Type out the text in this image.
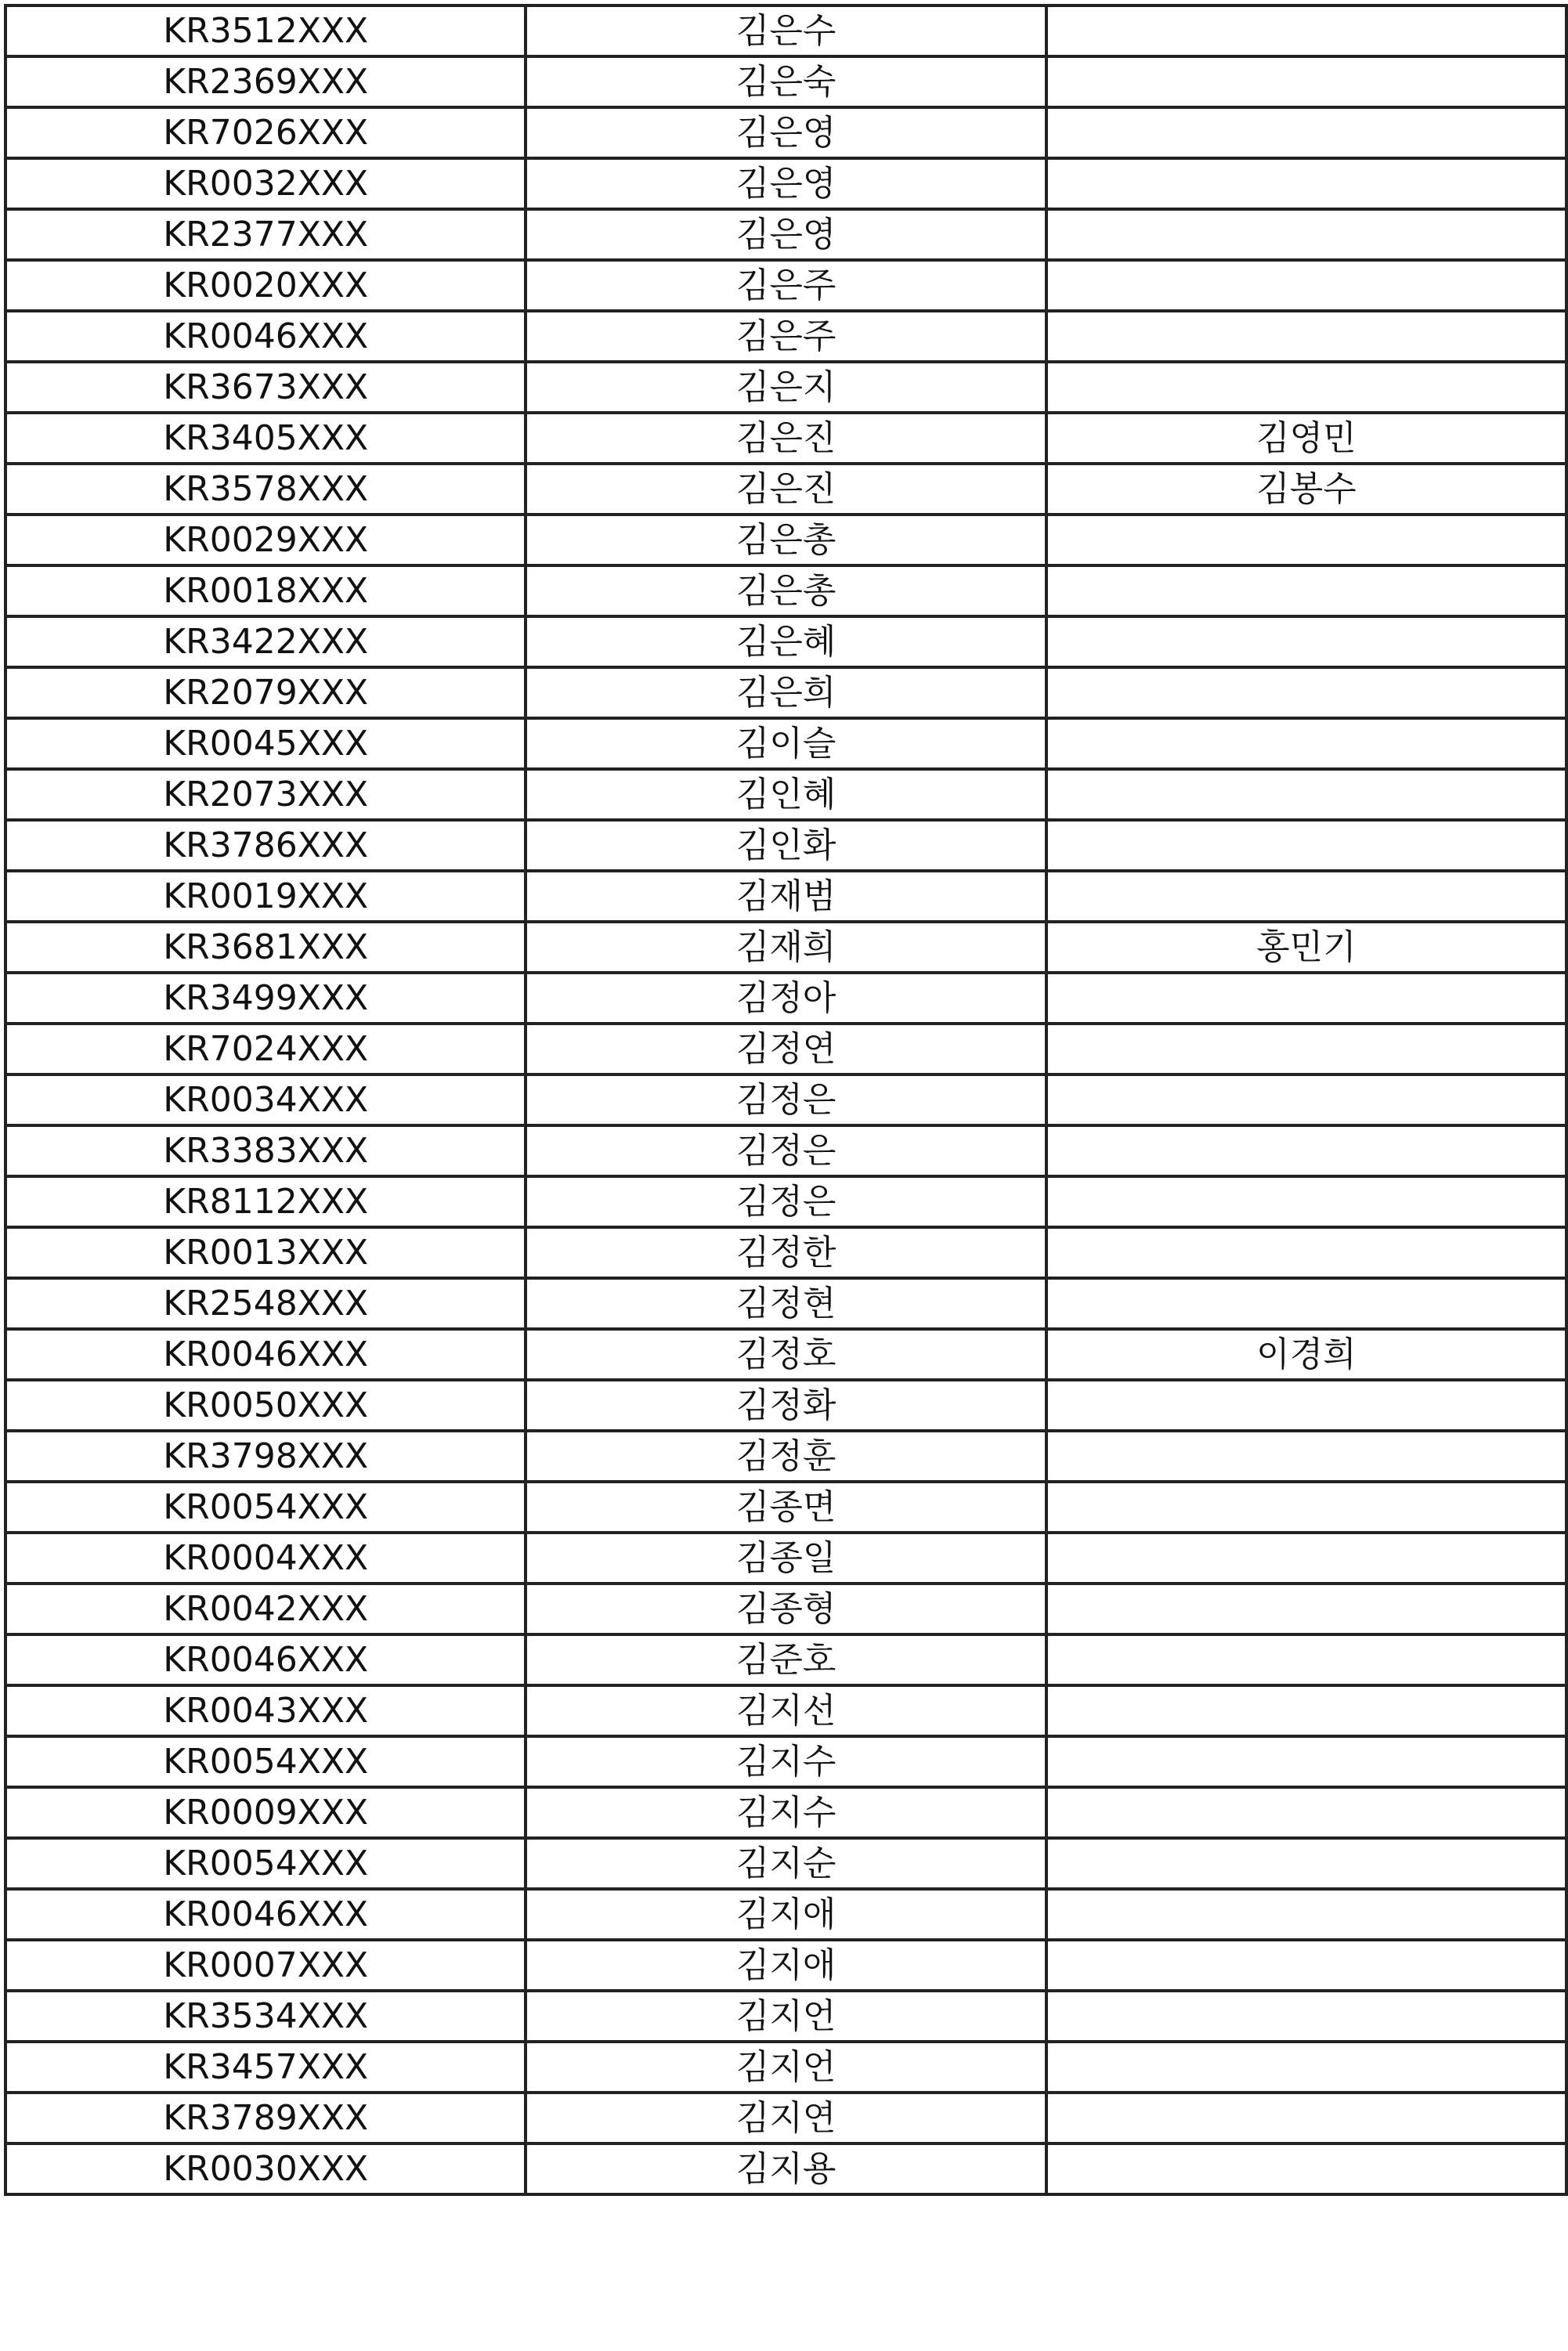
KR3512XXX	김은수	
KR2369XXX	김은숙	
KR7026XXX	김은영	
KR0032XXX	김은영	
KR2377XXX	김은영	
KR0020XXX	김은주	
KR0046XXX	김은주	
KR3673XXX	김은지	
KR3405XXX	김은진	김영민
KR3578XXX	김은진	김봉수
KR0029XXX	김은총	
KR0018XXX	김은총	
KR3422XXX	김은혜	
KR2079XXX	김은희	
KR0045XXX	김이슬	
KR2073XXX	김인혜	
KR3786XXX	김인화	
KR0019XXX	김재범	
KR3681XXX	김재희	홍민기
KR3499XXX	김정아	
KR7024XXX	김정연	
KR0034XXX	김정은	
KR3383XXX	김정은	
KR8112XXX	김정은	
KR0013XXX	김정한	
KR2548XXX	김정현	
KR0046XXX	김정호	이경희
KR0050XXX	김정화	
KR3798XXX	김정훈	
KR0054XXX	김종면	
KR0004XXX	김종일	
KR0042XXX	김종형	
KR0046XXX	김준호	
KR0043XXX	김지선	
KR0054XXX	김지수	
KR0009XXX	김지수	
KR0054XXX	김지순	
KR0046XXX	김지애	
KR0007XXX	김지애	
KR3534XXX	김지언	
KR3457XXX	김지언	
KR3789XXX	김지연	
KR0030XXX	김지용	
